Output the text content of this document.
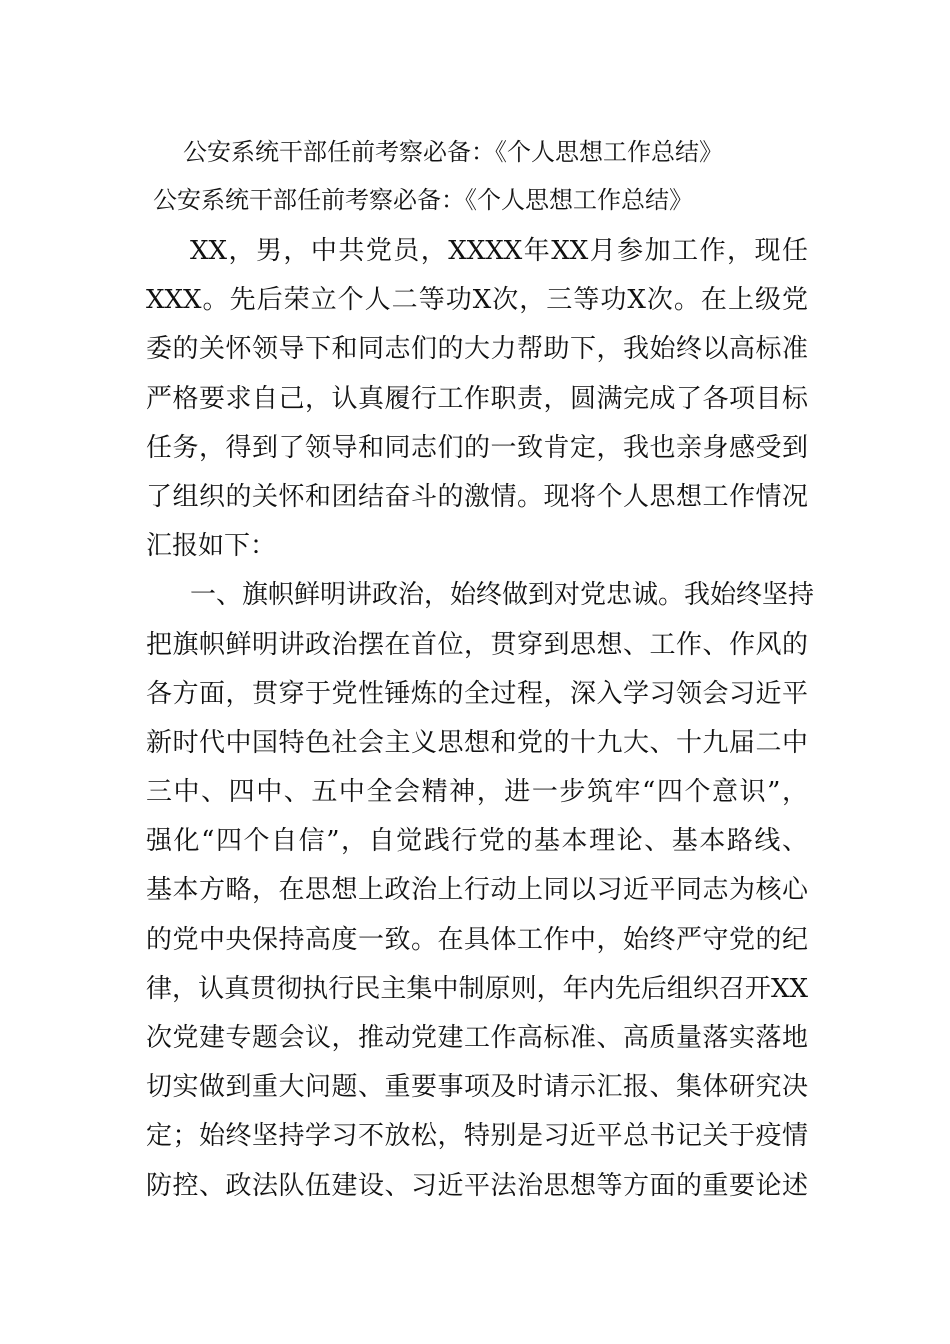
公安系统干部任前考察必备：《个人思想工作总结》
公安系统干部任前考察必备：《个人思想工作总结》
XX，男，中共党员，XXXX年XX月参加工作，现任
XXX。先后荣立个人二等功X次，三等功X次。在上级党
委的关怀领导下和同志们的大力帮助下，我始终以高标准
严格要求自己，认真履行工作职责，圆满完成了各项目标
任务，得到了领导和同志们的一致肯定，我也亲身感受到
了组织的关怀和团结奋斗的激情。现将个人思想工作情况
汇报如下：
一、旗帜鲜明讲政治，始终做到对党忠诚。我始终坚持
把旗帜鲜明讲政治摆在首位，贯穿到思想、工作、作风的
各方面，贯穿于党性锤炼的全过程，深入学习领会习近平
新时代中国特色社会主义思想和党的十九大、十九届二中
三中、四中、五中全会精神，进一步筑牢“四个意识”，
强化“四个自信”，自觉践行党的基本理论、基本路线、
基本方略，在思想上政治上行动上同以习近平同志为核心
的党中央保持高度一致。在具体工作中，始终严守党的纪
律，认真贯彻执行民主集中制原则，年内先后组织召开XX
次党建专题会议，推动党建工作高标准、高质量落实落地
切实做到重大问题、重要事项及时请示汇报、集体研究决
定；始终坚持学习不放松，特别是习近平总书记关于疫情
防控、政法队伍建设、习近平法治思想等方面的重要论述
